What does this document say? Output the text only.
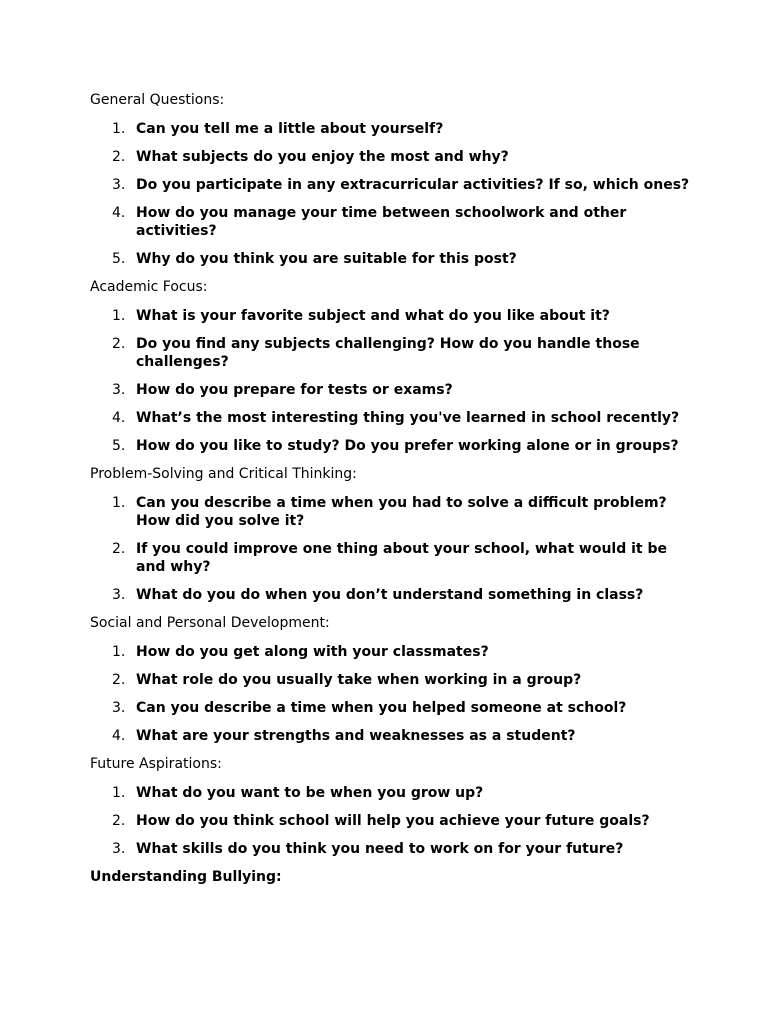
General Questions:

1. Can you tell me a little about yourself?
2. What subjects do you enjoy the most and why?
3. Do you participate in any extracurricular activities? If so, which ones?
4. How do you manage your time between schoolwork and other activities?
5. Why do you think you are suitable for this post?

Academic Focus:

1. What is your favorite subject and what do you like about it?
2. Do you find any subjects challenging? How do you handle those challenges?
3. How do you prepare for tests or exams?
4. What’s the most interesting thing you've learned in school recently?
5. How do you like to study? Do you prefer working alone or in groups?

Problem-Solving and Critical Thinking:

1. Can you describe a time when you had to solve a difficult problem? How did you solve it?
2. If you could improve one thing about your school, what would it be and why?
3. What do you do when you don’t understand something in class?

Social and Personal Development:

1. How do you get along with your classmates?
2. What role do you usually take when working in a group?
3. Can you describe a time when you helped someone at school?
4. What are your strengths and weaknesses as a student?

Future Aspirations:

1. What do you want to be when you grow up?
2. How do you think school will help you achieve your future goals?
3. What skills do you think you need to work on for your future?

Understanding Bullying:
